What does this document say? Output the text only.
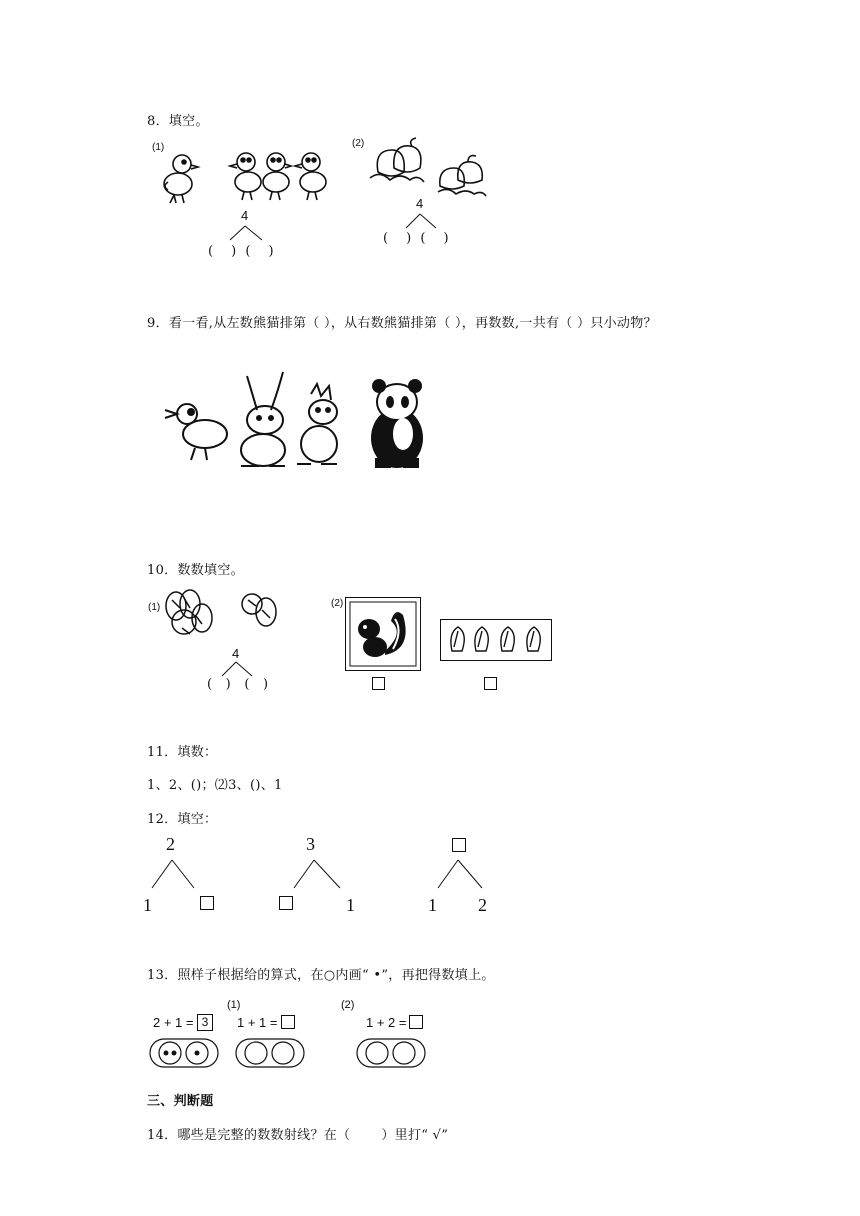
8．填空。
(1)
4
(    )  (    )
(2)
4
(    )  (    )
9．看一看,从左数熊猫排第（ ），从右数熊猫排第（ ），再数数,一共有（ ）只小动物？
10．数数填空。
(1)
4
(   )   (   )
(2)
11．填数：
1、2、()；⑵3、()、1
12．填空：
2
1
3
1	1 2
13．照样子根据给的算式，在○内画“ •”，再把得数填上。
2 + 1 = 3
(1)
1 + 1 =
(2)
1 + 2 =
三、判断题
14．哪些是完整的数数射线？在（       ）里打“ √”
